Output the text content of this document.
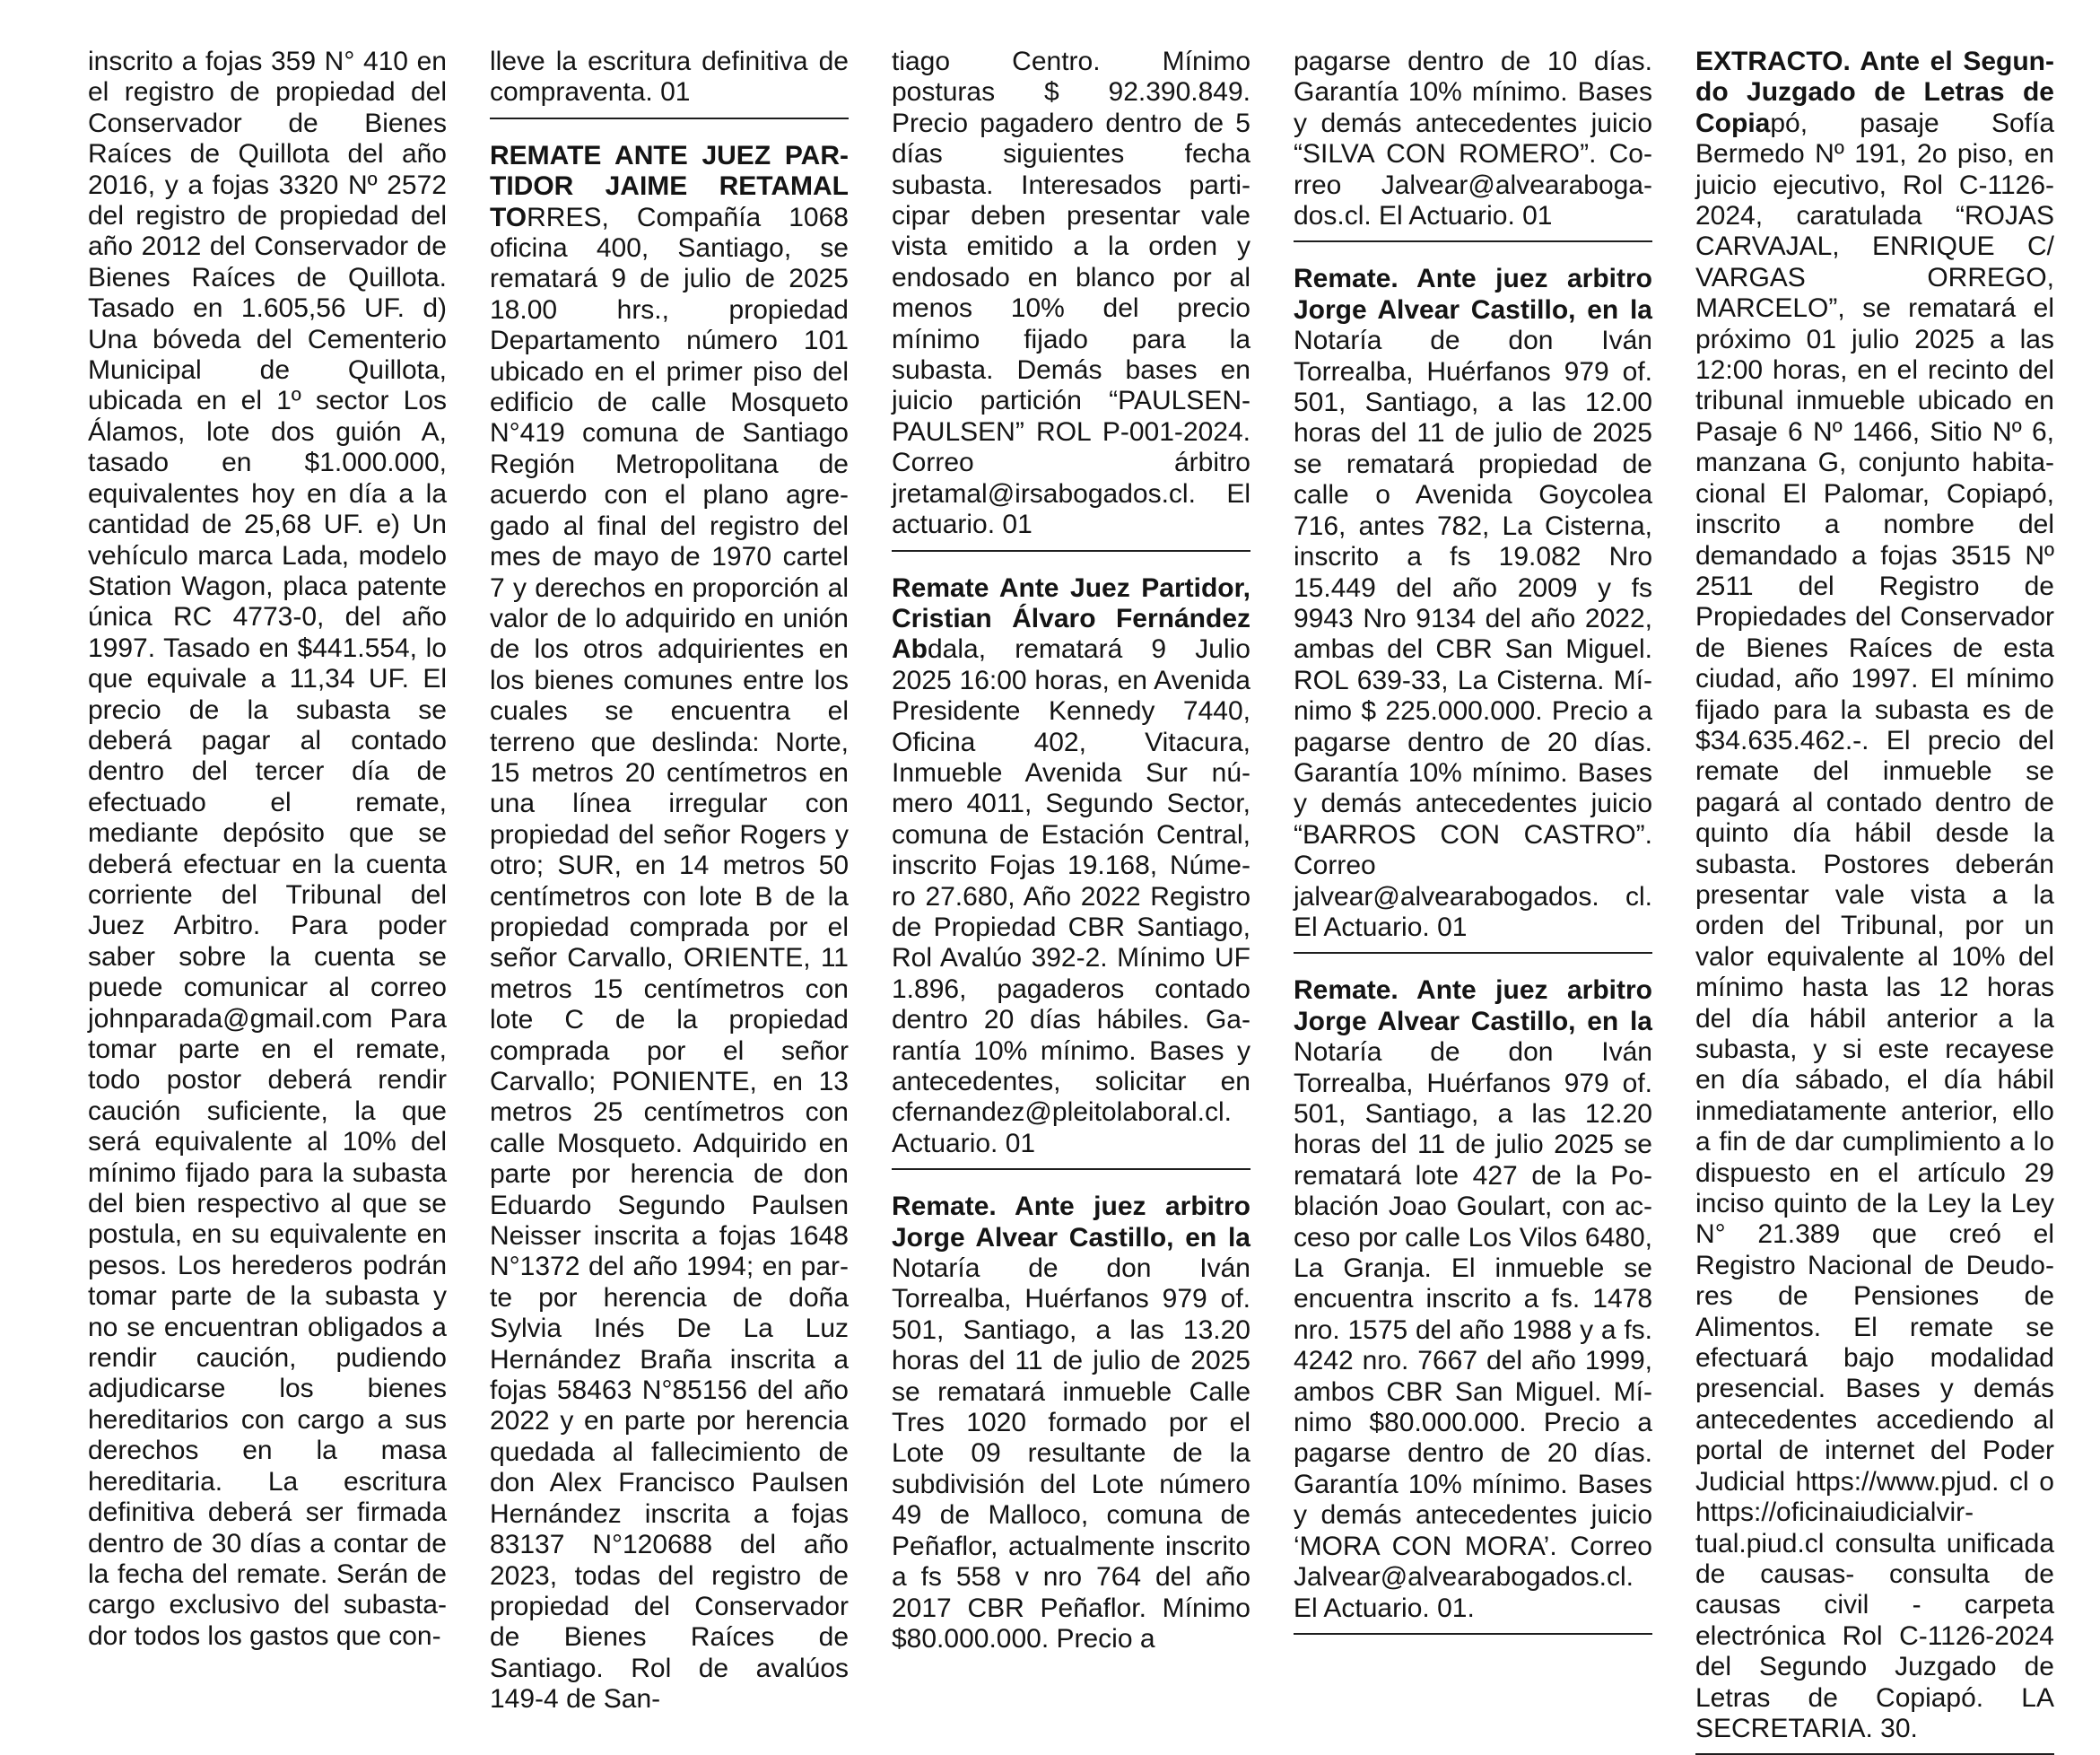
inscrito a fojas 359 N° 410 en el registro de propiedad del Conservador de Bienes Raíces de Quillota del año 2016, y a fojas 3320 Nº 2572 del registro de propiedad del año 2012 del Conservador de Bienes Raíces de Quillota. Tasado en 1.605,56 UF. d) Una bóveda del Cementerio Municipal de Quillota, ubicada en el 1º sector Los Álamos, lote dos guión A, tasado en $1.000.000, equivalentes hoy en día a la cantidad de 25,68 UF. e) Un vehículo marca Lada, modelo Station Wagon, placa patente única RC 4773-0, del año 1997. Tasado en $441.554, lo que equivale a 11,34 UF. El precio de la subasta se deberá pagar al contado dentro del tercer día de efectuado el remate, mediante depósito que se deberá efectuar en la cuenta corriente del Tribunal del Juez Arbitro. Para poder saber sobre la cuenta se puede comunicar al correo johnparada@gmail.com Para tomar parte en el remate, todo postor deberá rendir caución suficiente, la que será equivalente al 10% del mínimo fijado para la subasta del bien respectivo al que se postula, en su equivalente en pesos. Los herederos podrán tomar parte de la subasta y no se encuentran obligados a rendir caución, pudiendo adjudicarse los bienes hereditarios con cargo a sus derechos en la masa hereditaria. La escritura definitiva deberá ser firmada dentro de 30 días a contar de la fecha del remate. Serán de cargo exclusivo del subastador todos los gastos que con-

lleve la escritura definitiva de compraventa. 01

REMATE ANTE JUEZ PARTIDOR JAIME RETAMAL TORRES, Compañía 1068 oficina 400, Santiago, se rematará 9 de julio de 2025 18.00 hrs., propiedad Departamento número 101 ubicado en el primer piso del edificio de calle Mosqueto N°419 comuna de Santiago Región Metropolitana de acuerdo con el plano agregado al final del registro del mes de mayo de 1970 cartel 7 y derechos en proporción al valor de lo adquirido en unión de los otros adquirientes en los bienes comunes entre los cuales se encuentra el terreno que deslinda: Norte, 15 metros 20 centímetros en una línea irregular con propiedad del señor Rogers y otro; SUR, en 14 metros 50 centímetros con lote B de la propiedad comprada por el señor Carvallo, ORIENTE, 11 metros 15 centímetros con lote C de la propiedad comprada por el señor Carvallo; PONIENTE, en 13 metros 25 centímetros con calle Mosqueto. Adquirido en parte por herencia de don Eduardo Segundo Paulsen Neisser inscrita a fojas 1648 N°1372 del año 1994; en parte por herencia de doña Sylvia Inés De La Luz Hernández Braña inscrita a fojas 58463 N°85156 del año 2022 y en parte por herencia quedada al fallecimiento de don Alex Francisco Paulsen Hernández inscrita a fojas 83137 N°120688 del año 2023, todas del registro de propiedad del Conservador de Bienes Raíces de Santiago. Rol de avalúos 149-4 de San-

tiago Centro. Mínimo posturas $ 92.390.849. Precio pagadero dentro de 5 días siguientes fecha subasta. Interesados participar deben presentar vale vista emitido a la orden y endosado en blanco por al menos 10% del precio mínimo fijado para la subasta. Demás bases en juicio partición “PAULSEN-PAULSEN” ROL P-001-2024. Correo árbitro jretamal@irsabogados.cl. El actuario. 01

Remate Ante Juez Partidor, Cristian Álvaro Fernández Abdala, rematará 9 Julio 2025 16:00 horas, en Avenida Presidente Kennedy 7440, Oficina 402, Vitacura, Inmueble Avenida Sur número 4011, Segundo Sector, comuna de Estación Central, inscrito Fojas 19.168, Número 27.680, Año 2022 Registro de Propiedad CBR Santiago, Rol Avalúo 392-2. Mínimo UF 1.896, pagaderos contado dentro 20 días hábiles. Garantía 10% mínimo. Bases y antecedentes, solicitar en cfernandez@pleitolaboral.cl. Actuario. 01

Remate. Ante juez arbitro Jorge Alvear Castillo, en la Notaría de don Iván Torrealba, Huérfanos 979 of. 501, Santiago, a las 13.20 horas del 11 de julio de 2025 se rematará inmueble Calle Tres 1020 formado por el Lote 09 resultante de la subdivisión del Lote número 49 de Malloco, comuna de Peñaflor, actualmente inscrito a fs 558 v nro 764 del año 2017 CBR Peñaflor. Mínimo $80.000.000. Precio a

pagarse dentro de 10 días. Garantía 10% mínimo. Bases y demás antecedentes juicio “SILVA CON ROMERO”. Correo Jalvear@alvearabogados.cl. El Actuario. 01

Remate. Ante juez arbitro Jorge Alvear Castillo, en la Notaría de don Iván Torrealba, Huérfanos 979 of. 501, Santiago, a las 12.00 horas del 11 de julio de 2025 se rematará propiedad de calle o Avenida Goycolea 716, antes 782, La Cisterna, inscrito a fs 19.082 Nro 15.449 del año 2009 y fs 9943 Nro 9134 del año 2022, ambas del CBR San Miguel. ROL 639-33, La Cisterna. Mínimo $ 225.000.000. Precio a pagarse dentro de 20 días. Garantía 10% mínimo. Bases y demás antecedentes juicio “BARROS CON CASTRO”. Correo jalvear@alvearabogados. cl. El Actuario. 01

Remate. Ante juez arbitro Jorge Alvear Castillo, en la Notaría de don Iván Torrealba, Huérfanos 979 of. 501, Santiago, a las 12.20 horas del 11 de julio 2025 se rematará lote 427 de la Población Joao Goulart, con acceso por calle Los Vilos 6480, La Granja. El inmueble se encuentra inscrito a fs. 1478 nro. 1575 del año 1988 y a fs. 4242 nro. 7667 del año 1999, ambos CBR San Miguel. Mínimo $80.000.000. Precio a pagarse dentro de 20 días. Garantía 10% mínimo. Bases y demás antecedentes juicio ‘MORA CON MORA’. Correo Jalvear@alvearabogados.cl. El Actuario. 01.

EXTRACTO. Ante el Segundo Juzgado de Letras de Copiapó, pasaje Sofía Bermedo Nº 191, 2o piso, en juicio ejecutivo, Rol C-1126-2024, caratulada “ROJAS CARVAJAL, ENRIQUE C/ VARGAS ORREGO, MARCELO”, se rematará el próximo 01 julio 2025 a las 12:00 horas, en el recinto del tribunal inmueble ubicado en Pasaje 6 Nº 1466, Sitio Nº 6, manzana G, conjunto habitacional El Palomar, Copiapó, inscrito a nombre del demandado a fojas 3515 Nº 2511 del Registro de Propiedades del Conservador de Bienes Raíces de esta ciudad, año 1997. El mínimo fijado para la subasta es de $34.635.462.-. El precio del remate del inmueble se pagará al contado dentro de quinto día hábil desde la subasta. Postores deberán presentar vale vista a la orden del Tribunal, por un valor equivalente al 10% del mínimo hasta las 12 horas del día hábil anterior a la subasta, y si este recayese en día sábado, el día hábil inmediatamente anterior, ello a fin de dar cumplimiento a lo dispuesto en el artículo 29 inciso quinto de la Ley la Ley N° 21.389 que creó el Registro Nacional de Deudores de Pensiones de Alimentos. El remate se efectuará bajo modalidad presencial. Bases y demás antecedentes accediendo al portal de internet del Poder Judicial https://www.pjud. cl o https://oficinaiudicialvirtual.piud.cl consulta unificada de causas- consulta de causas civil - carpeta electrónica Rol C-1126-2024 del Segundo Juzgado de Letras de Copiapó. LA SECRETARIA. 30.
